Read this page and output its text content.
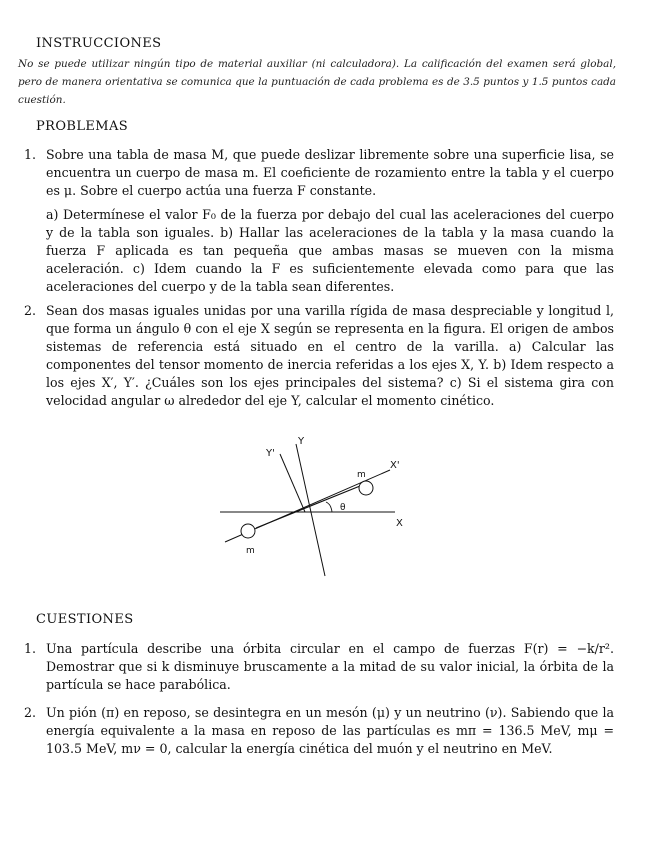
INSTRUCCIONES
No se puede utilizar ningún tipo de material auxiliar (ni calculadora). La calificación del examen será global, pero de manera orientativa se comunica que la puntuación de cada problema es de 3.5 puntos y 1.5 puntos cada cuestión.
PROBLEMAS
1. Sobre una tabla de masa M, que puede deslizar libremente sobre una superficie lisa, se encuentra un cuerpo de masa m. El coeficiente de rozamiento entre la tabla y el cuerpo es μ. Sobre el cuerpo actúa una fuerza F constante.

a) Determínese el valor F₀ de la fuerza por debajo del cual las aceleraciones del cuerpo y de la tabla son iguales. b) Hallar las aceleraciones de la tabla y la masa cuando la fuerza F aplicada es tan pequeña que ambas masas se mueven con la misma aceleración. c) Idem cuando la F es suficientemente elevada como para que las aceleraciones del cuerpo y de la tabla sean diferentes.

2. Sean dos masas iguales unidas por una varilla rígida de masa despreciable y longitud l, que forma un ángulo θ con el eje X según se representa en la figura. El origen de ambos sistemas de referencia está situado en el centro de la varilla. a) Calcular las componentes del tensor momento de inercia referidas a los ejes X, Y. b) Idem respecto a los ejes X′, Y′. ¿Cuáles son los ejes principales del sistema? c) Si el sistema gira con velocidad angular ω alrededor del eje Y, calcular el momento cinético.

Y
Y'
X'
X
θ
m
m
CUESTIONES
1. Una partícula describe una órbita circular en el campo de fuerzas F(r) = −k/r². Demostrar que si k disminuye bruscamente a la mitad de su valor inicial, la órbita de la partícula se hace parabólica.

2. Un pión (π) en reposo, se desintegra en un mesón (μ) y un neutrino (ν). Sabiendo que la energía equivalente a la masa en reposo de las partículas es mπ = 136.5 MeV, mμ = 103.5 MeV, mν = 0, calcular la energía cinética del muón y el neutrino en MeV.
